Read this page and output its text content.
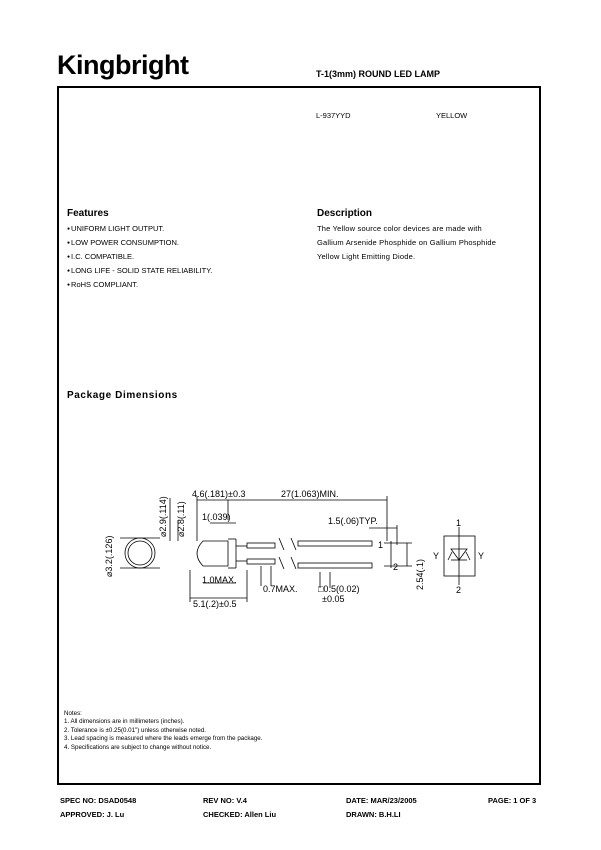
Kingbright	T-1(3mm) ROUND LED LAMP
L-937YYD	YELLOW
Features
● UNIFORM LIGHT OUTPUT.
● LOW POWER CONSUMPTION.
● I.C. COMPATIBLE.
● LONG LIFE - SOLID STATE RELIABILITY.
● RoHS COMPLIANT.
Description
The Yellow source color devices are made with
Gallium Arsenide Phosphide on Gallium Phosphide
Yellow Light Emitting Diode.
Package Dimensions
⌀3.2(.126)
⌀2.9(.114) ⌀2.8(.11)
4.6(.181)±0.3	27(1.063)MIN.
1(.039)	1.5(.06)TYP.
1.0MAX.
0.7MAX. □0.5(0.02)
±0.05
5.1(.2)±0.5
2.54(.1)
1
2
1
2
Y	Y
Notes:
1. All dimensions are in millimeters (inches).
2. Tolerance is ±0.25(0.01") unless otherwise noted.
3. Lead spacing is measured where the leads emerge from the package.
4. Specifications are subject to change without notice.
SPEC NO: DSAD0548	REV NO: V.4	DATE: MAR/23/2005	PAGE: 1 OF 3
APPROVED: J. Lu	CHECKED: Allen Liu	DRAWN: B.H.LI
